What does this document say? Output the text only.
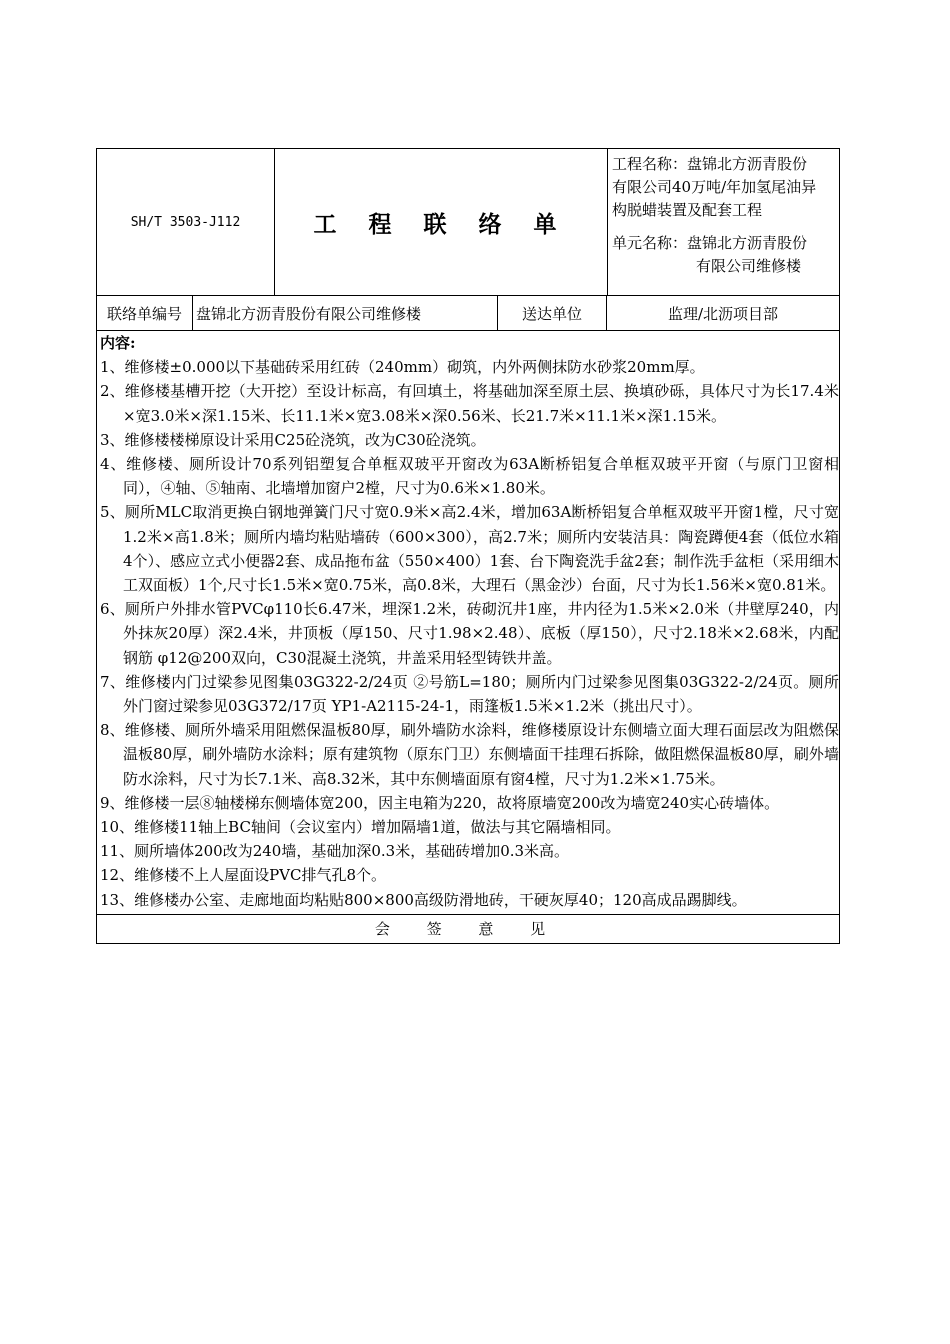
SH/T 3503-J112	工 程 联 络 单

工程名称：盘锦北方沥青股份

有限公司40万吨/年加氢尾油异

构脱蜡装置及配套工程

单元名称：盘锦北方沥青股份

有限公司维修楼

联络单编号 盘锦北方沥青股份有限公司维修楼	送达单位	监理/北沥项目部
内容:

1、维修楼±0.000以下基础砖采用红砖（240mm）砌筑，内外两侧抹防水砂浆20mm厚。

2、维修楼基槽开挖（大开挖）至设计标高，有回填土，将基础加深至原土层、换填砂砾，具体尺寸为长17.4米×宽3.0米×深1.15米、长11.1米×宽3.08米×深0.56米、长21.7米×11.1米×深1.15米。

3、维修楼楼梯原设计采用C25砼浇筑，改为C30砼浇筑。

4、维修楼、厕所设计70系列铝塑复合单框双玻平开窗改为63A断桥铝复合单框双玻平开窗（与原门卫窗相同），④轴、⑤轴南、北墙增加窗户2樘，尺寸为0.6米×1.80米。

5、厕所MLC取消更换白钢地弹簧门尺寸宽0.9米×高2.4米，增加63A断桥铝复合单框双玻平开窗1樘，尺寸宽1.2米×高1.8米；厕所内墙均粘贴墙砖（600×300），高2.7米；厕所内安装洁具：陶瓷蹲便4套（低位水箱4个）、感应立式小便器2套、成品拖布盆（550×400）1套、台下陶瓷洗手盆2套；制作洗手盆柜（采用细木工双面板）1个,尺寸长1.5米×宽0.75米，高0.8米，大理石（黑金沙）台面，尺寸为长1.56米×宽0.81米。

6、厕所户外排水管PVCφ110长6.47米，埋深1.2米，砖砌沉井1座，井内径为1.5米×2.0米（井壁厚240，内外抹灰20厚）深2.4米，井顶板（厚150、尺寸1.98×2.48）、底板（厚150），尺寸2.18米×2.68米，内配钢筋 φ12@200双向，C30混凝土浇筑，井盖采用轻型铸铁井盖。

7、维修楼内门过梁参见图集03G322-2/24页 ②号筋L=180；厕所内门过梁参见图集03G322-2/24页。厕所外门窗过梁参见03G372/17页 YP1-A2115-24-1，雨篷板1.5米×1.2米（挑出尺寸）。

8、维修楼、厕所外墙采用阻燃保温板80厚，刷外墙防水涂料，维修楼原设计东侧墙立面大理石面层改为阻燃保温板80厚，刷外墙防水涂料；原有建筑物（原东门卫）东侧墙面干挂理石拆除，做阻燃保温板80厚，刷外墙防水涂料，尺寸为长7.1米、高8.32米，其中东侧墙面原有窗4樘，尺寸为1.2米×1.75米。

9、维修楼一层⑧轴楼梯东侧墙体宽200，因主电箱为220，故将原墙宽200改为墙宽240实心砖墙体。

10、维修楼11轴上BC轴间（会议室内）增加隔墙1道，做法与其它隔墙相同。

11、厕所墙体200改为240墙，基础加深0.3米，基础砖增加0.3米高。

12、维修楼不上人屋面设PVC排气孔8个。

13、维修楼办公室、走廊地面均粘贴800×800高级防滑地砖，干硬灰厚40；120高成品踢脚线。

会 签 意 见
